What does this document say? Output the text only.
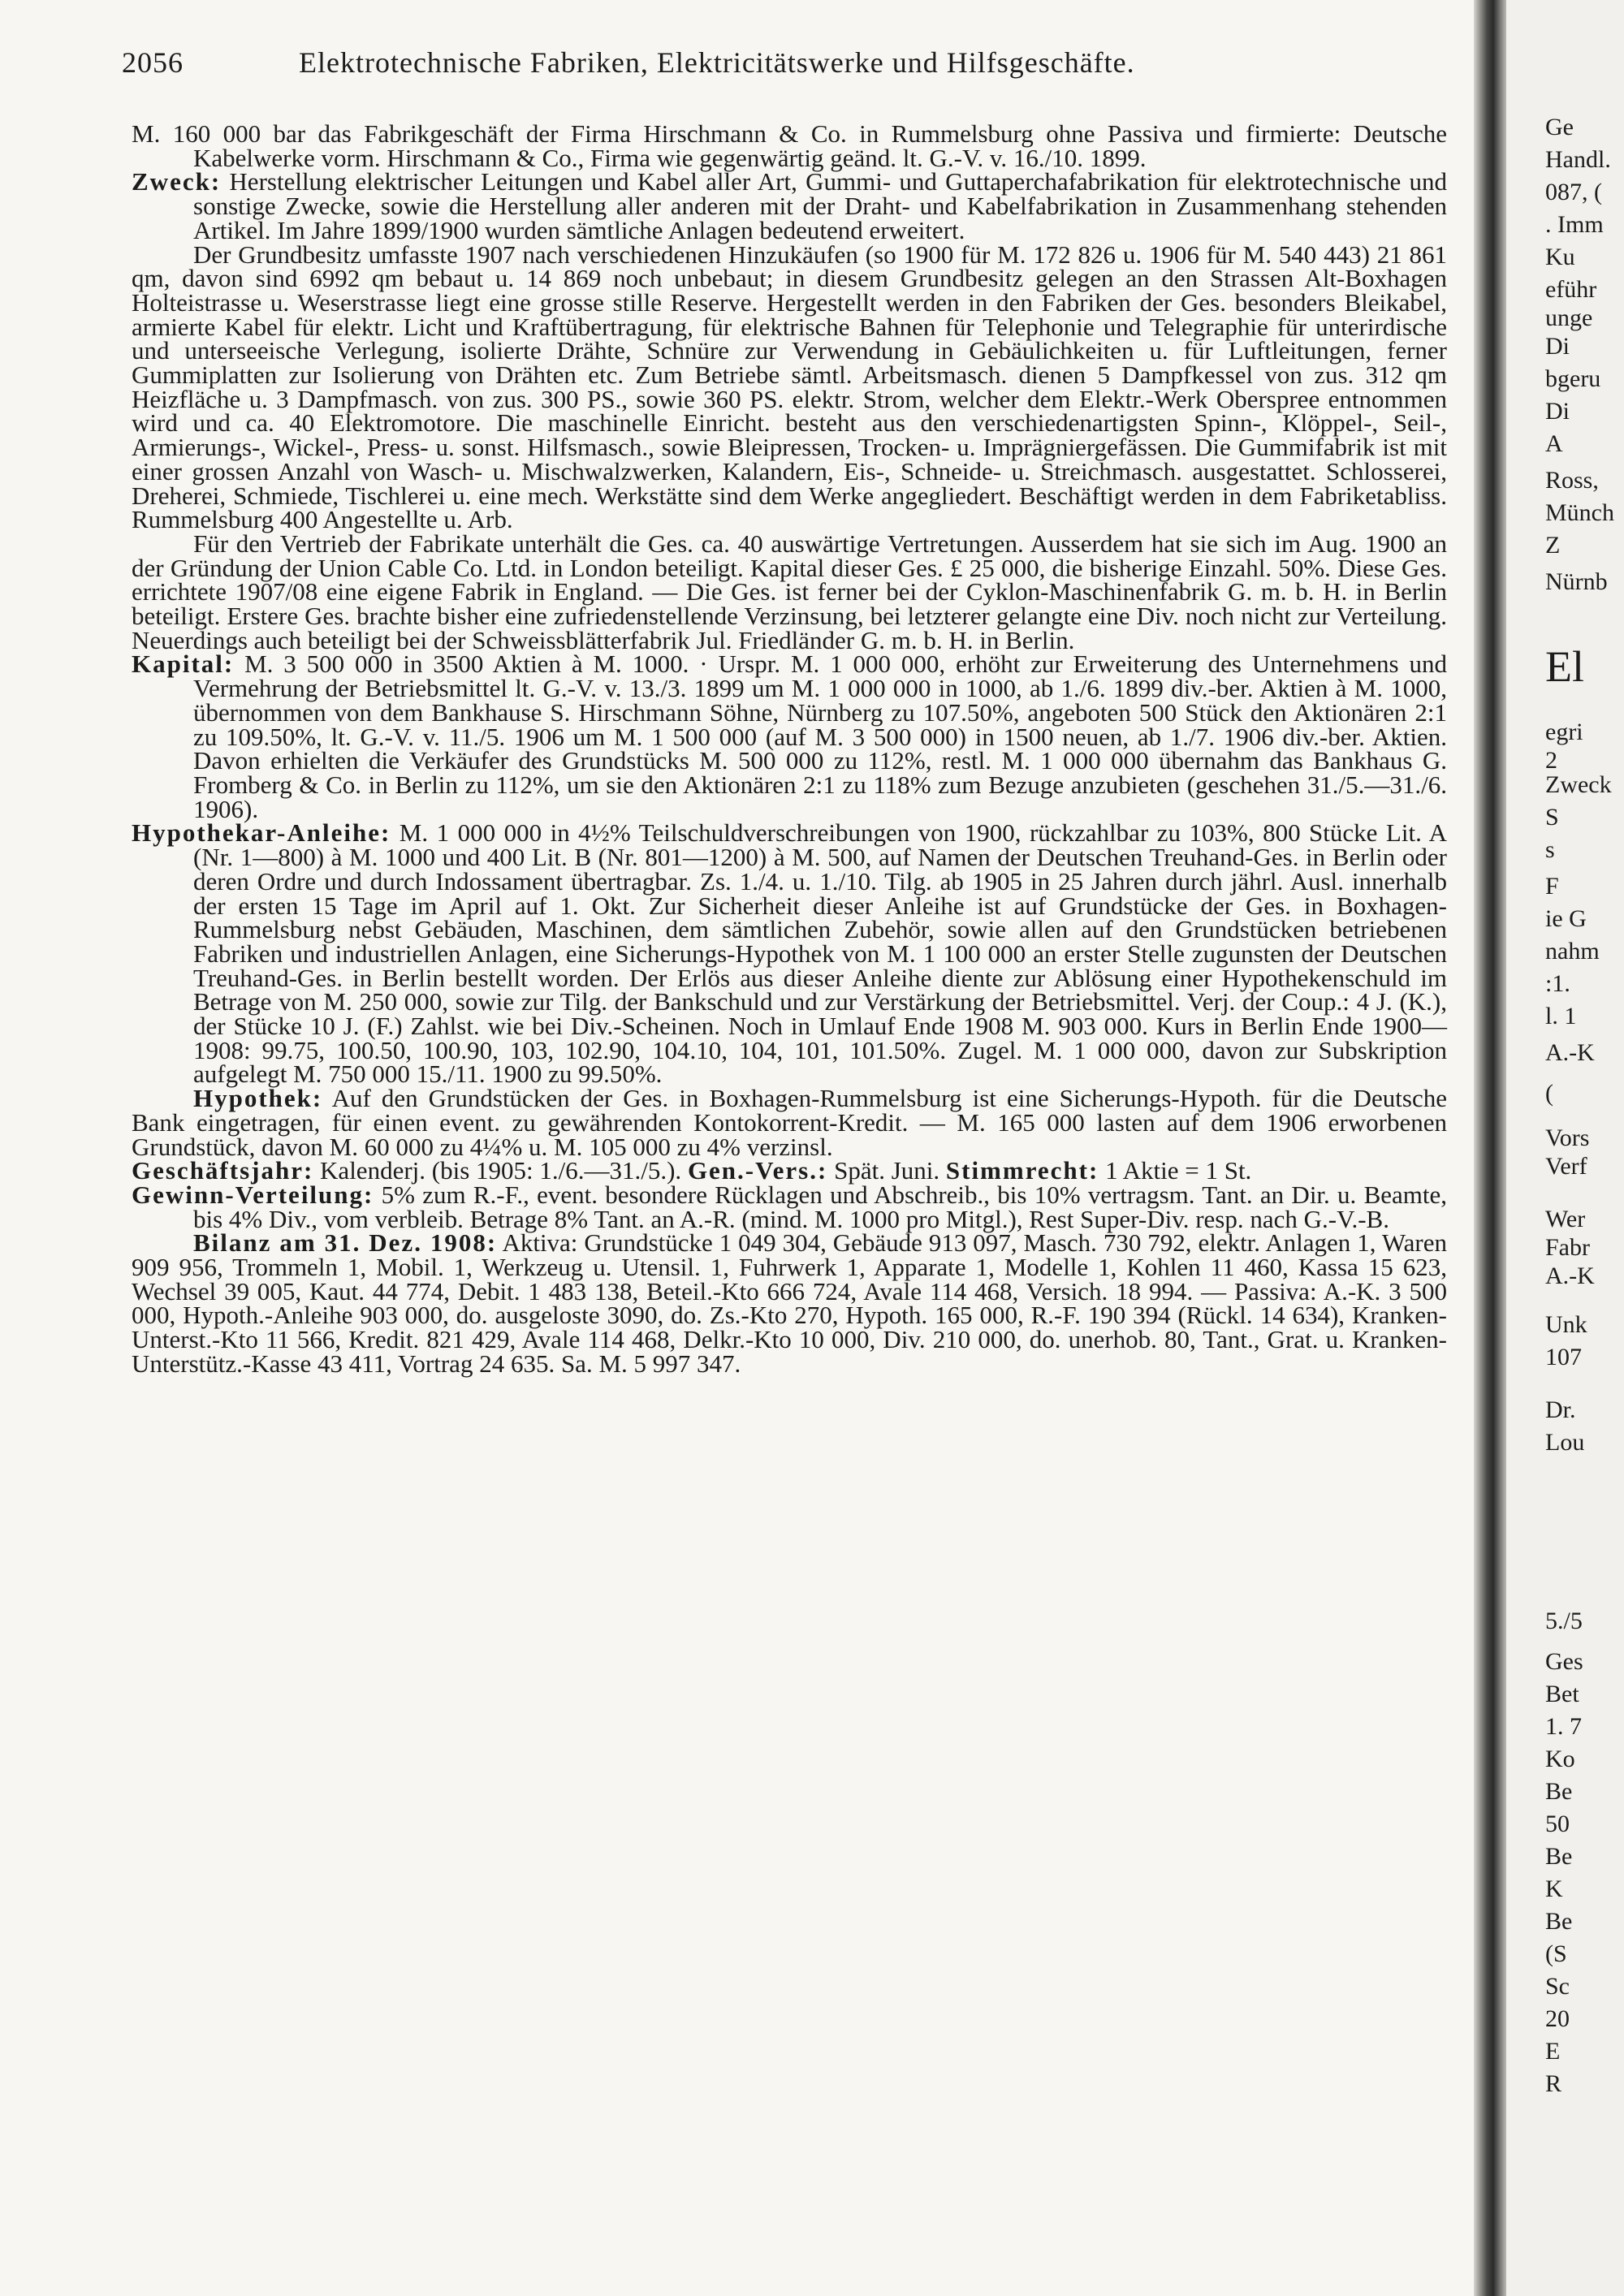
2056	Elektrotechnische Fabriken, Elektricitätswerke und Hilfsgeschäfte.

M. 160 000 bar das Fabrikgeschäft der Firma Hirschmann & Co. in Rummelsburg ohne Passiva und firmierte: Deutsche Kabelwerke vorm. Hirschmann & Co., Firma wie gegenwärtig geänd. lt. G.-V. v. 16./10. 1899.

Zweck: Herstellung elektrischer Leitungen und Kabel aller Art, Gummi- und Guttaperchafabrikation für elektrotechnische und sonstige Zwecke, sowie die Herstellung aller anderen mit der Draht- und Kabelfabrikation in Zusammenhang stehenden Artikel. Im Jahre 1899/1900 wurden sämtliche Anlagen bedeutend erweitert.

Der Grundbesitz umfasste 1907 nach verschiedenen Hinzukäufen (so 1900 für M. 172 826 u. 1906 für M. 540 443) 21 861 qm, davon sind 6992 qm bebaut u. 14 869 noch unbebaut; in diesem Grundbesitz gelegen an den Strassen Alt-Boxhagen Holteistrasse u. Weserstrasse liegt eine grosse stille Reserve. Hergestellt werden in den Fabriken der Ges. besonders Bleikabel, armierte Kabel für elektr. Licht und Kraftübertragung, für elektrische Bahnen für Telephonie und Telegraphie für unterirdische und unterseeische Verlegung, isolierte Drähte, Schnüre zur Verwendung in Gebäulichkeiten u. für Luftleitungen, ferner Gummiplatten zur Isolierung von Drähten etc. Zum Betriebe sämtl. Arbeitsmasch. dienen 5 Dampfkessel von zus. 312 qm Heizfläche u. 3 Dampfmasch. von zus. 300 PS., sowie 360 PS. elektr. Strom, welcher dem Elektr.-Werk Oberspree entnommen wird und ca. 40 Elektromotore. Die maschinelle Einricht. besteht aus den verschiedenartigsten Spinn-, Klöppel-, Seil-, Armierungs-, Wickel-, Press- u. sonst. Hilfsmasch., sowie Bleipressen, Trocken- u. Imprägniergefässen. Die Gummifabrik ist mit einer grossen Anzahl von Wasch- u. Mischwalzwerken, Kalandern, Eis-, Schneide- u. Streichmasch. ausgestattet. Schlosserei, Dreherei, Schmiede, Tischlerei u. eine mech. Werkstätte sind dem Werke angegliedert. Beschäftigt werden in dem Fabriketabliss. Rummelsburg 400 Angestellte u. Arb.

Für den Vertrieb der Fabrikate unterhält die Ges. ca. 40 auswärtige Vertretungen. Ausserdem hat sie sich im Aug. 1900 an der Gründung der Union Cable Co. Ltd. in London beteiligt. Kapital dieser Ges. £ 25 000, die bisherige Einzahl. 50%. Diese Ges. errichtete 1907/08 eine eigene Fabrik in England. — Die Ges. ist ferner bei der Cyklon-Maschinenfabrik G. m. b. H. in Berlin beteiligt. Erstere Ges. brachte bisher eine zufriedenstellende Verzinsung, bei letzterer gelangte eine Div. noch nicht zur Verteilung. Neuerdings auch beteiligt bei der Schweissblätterfabrik Jul. Friedländer G. m. b. H. in Berlin.

Kapital: M. 3 500 000 in 3500 Aktien à M. 1000. · Urspr. M. 1 000 000, erhöht zur Erweiterung des Unternehmens und Vermehrung der Betriebsmittel lt. G.-V. v. 13./3. 1899 um M. 1 000 000 in 1000, ab 1./6. 1899 div.-ber. Aktien à M. 1000, übernommen von dem Bankhause S. Hirschmann Söhne, Nürnberg zu 107.50%, angeboten 500 Stück den Aktionären 2:1 zu 109.50%, lt. G.-V. v. 11./5. 1906 um M. 1 500 000 (auf M. 3 500 000) in 1500 neuen, ab 1./7. 1906 div.-ber. Aktien. Davon erhielten die Verkäufer des Grundstücks M. 500 000 zu 112%, restl. M. 1 000 000 übernahm das Bankhaus G. Fromberg & Co. in Berlin zu 112%, um sie den Aktionären 2:1 zu 118% zum Bezuge anzubieten (geschehen 31./5.—31./6. 1906).

Hypothekar-Anleihe: M. 1 000 000 in 4½% Teilschuldverschreibungen von 1900, rückzahlbar zu 103%, 800 Stücke Lit. A (Nr. 1—800) à M. 1000 und 400 Lit. B (Nr. 801—1200) à M. 500, auf Namen der Deutschen Treuhand-Ges. in Berlin oder deren Ordre und durch Indossament übertragbar. Zs. 1./4. u. 1./10. Tilg. ab 1905 in 25 Jahren durch jährl. Ausl. innerhalb der ersten 15 Tage im April auf 1. Okt. Zur Sicherheit dieser Anleihe ist auf Grundstücke der Ges. in Boxhagen-Rummelsburg nebst Gebäuden, Maschinen, dem sämtlichen Zubehör, sowie allen auf den Grundstücken betriebenen Fabriken und industriellen Anlagen, eine Sicherungs-Hypothek von M. 1 100 000 an erster Stelle zugunsten der Deutschen Treuhand-Ges. in Berlin bestellt worden. Der Erlös aus dieser Anleihe diente zur Ablösung einer Hypothekenschuld im Betrage von M. 250 000, sowie zur Tilg. der Bankschuld und zur Verstärkung der Betriebsmittel. Verj. der Coup.: 4 J. (K.), der Stücke 10 J. (F.) Zahlst. wie bei Div.-Scheinen. Noch in Umlauf Ende 1908 M. 903 000. Kurs in Berlin Ende 1900—1908: 99.75, 100.50, 100.90, 103, 102.90, 104.10, 104, 101, 101.50%. Zugel. M. 1 000 000, davon zur Subskription aufgelegt M. 750 000 15./11. 1900 zu 99.50%.

Hypothek: Auf den Grundstücken der Ges. in Boxhagen-Rummelsburg ist eine Sicherungs-Hypoth. für die Deutsche Bank eingetragen, für einen event. zu gewährenden Kontokorrent-Kredit. — M. 165 000 lasten auf dem 1906 erworbenen Grundstück, davon M. 60 000 zu 4¼% u. M. 105 000 zu 4% verzinsl.

Geschäftsjahr: Kalenderj. (bis 1905: 1./6.—31./5.). Gen.-Vers.: Spät. Juni. Stimmrecht: 1 Aktie = 1 St.

Gewinn-Verteilung: 5% zum R.-F., event. besondere Rücklagen und Abschreib., bis 10% vertragsm. Tant. an Dir. u. Beamte, bis 4% Div., vom verbleib. Betrage 8% Tant. an A.-R. (mind. M. 1000 pro Mitgl.), Rest Super-Div. resp. nach G.-V.-B.

Bilanz am 31. Dez. 1908: Aktiva: Grundstücke 1 049 304, Gebäude 913 097, Masch. 730 792, elektr. Anlagen 1, Waren 909 956, Trommeln 1, Mobil. 1, Werkzeug u. Utensil. 1, Fuhrwerk 1, Apparate 1, Modelle 1, Kohlen 11 460, Kassa 15 623, Wechsel 39 005, Kaut. 44 774, Debit. 1 483 138, Beteil.-Kto 666 724, Avale 114 468, Versich. 18 994. — Passiva: A.-K. 3 500 000, Hypoth.-Anleihe 903 000, do. ausgeloste 3090, do. Zs.-Kto 270, Hypoth. 165 000, R.-F. 190 394 (Rückl. 14 634), Kranken-Unterst.-Kto 11 566, Kredit. 821 429, Avale 114 468, Delkr.-Kto 10 000, Div. 210 000, do. unerhob. 80, Tant., Grat. u. Kranken-Unterstütz.-Kasse 43 411, Vortrag 24 635. Sa. M. 5 997 347.

Ge
Handl.
087, (
. Imm
Ku
eführ
unge
Di
bgeru
Di
A
Ross,
Münch
Z
Nürnb
El
egri
2
Zweck
S
s
F
ie G
nahm
:1.
l. 1
A.-K
(
Vors
Verf
Wer
Fabr
A.-K
Unk
107
Dr.
Lou
5./5
Ges
Bet
1. 7
Ko
Be
50
Be
K
Be
(S
Sc
20
E
R
